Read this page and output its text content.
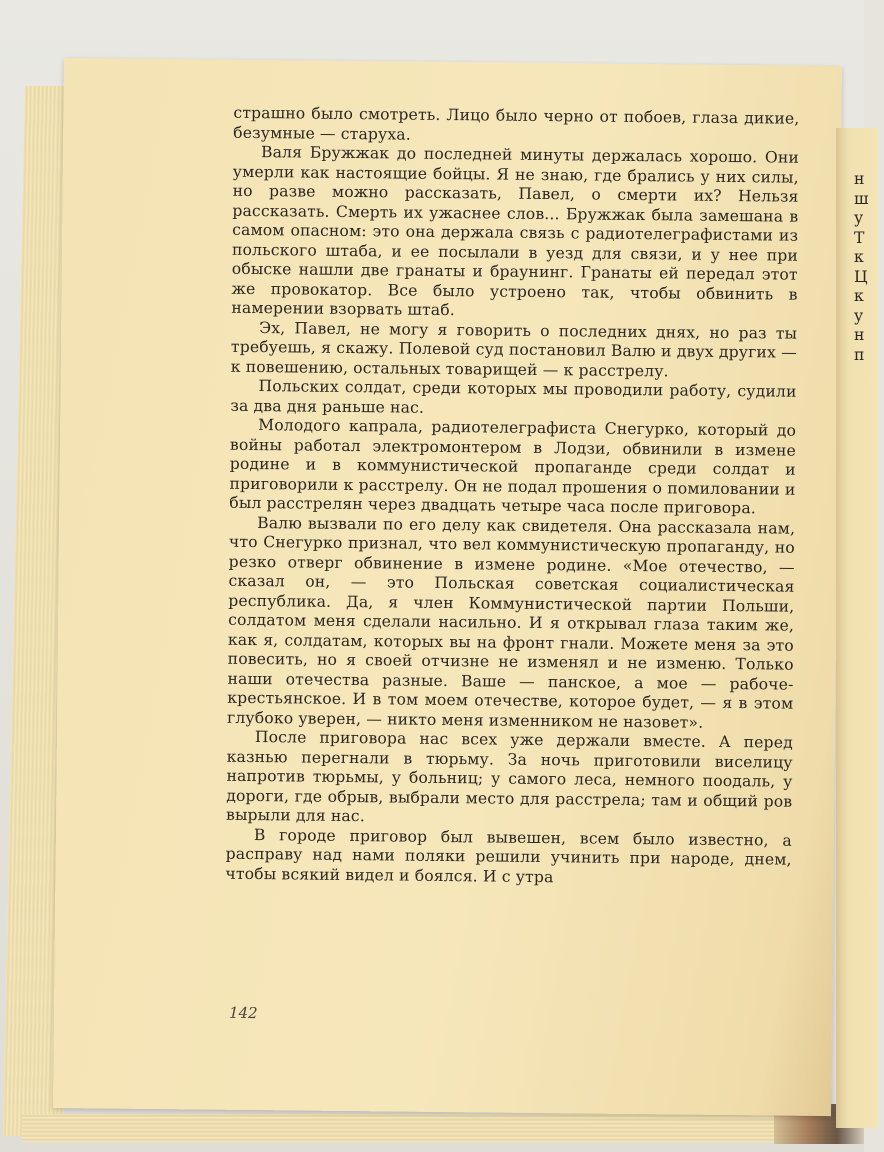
страшно было смотреть. Лицо было черно от побоев, глаза дикие, безумные — старуха.

Валя Бружжак до последней минуты держалась хорошо. Они умерли как настоящие бойцы. Я не знаю, где брались у них силы, но разве можно рассказать, Павел, о смерти их? Нельзя рассказать. Смерть их ужаснее слов... Бружжак была замешана в самом опасном: это она держала связь с радиотелеграфистами из польского штаба, и ее посылали в уезд для связи, и у нее при обыске нашли две гранаты и браунинг. Гранаты ей передал этот же провокатор. Все было устроено так, чтобы обвинить в намерении взорвать штаб.

Эх, Павел, не могу я говорить о последних днях, но раз ты требуешь, я скажу. Полевой суд постановил Валю и двух других — к повешению, остальных товарищей — к расстрелу.

Польских солдат, среди которых мы проводили работу, судили за два дня раньше нас.

Молодого капрала, радиотелеграфиста Снегурко, который до войны работал электромонтером в Лодзи, обвинили в измене родине и в коммунистической пропаганде среди солдат и приговорили к расстрелу. Он не подал прошения о помиловании и был расстрелян через двадцать четыре часа после приговора.

Валю вызвали по его делу как свидетеля. Она рассказала нам, что Снегурко признал, что вел коммунистическую пропаганду, но резко отверг обвинение в измене родине. «Мое отечество, — сказал он, — это Польская советская социалистическая республика. Да, я член Коммунистической партии Польши, солдатом меня сделали насильно. И я открывал глаза таким же, как я, солдатам, которых вы на фронт гнали. Можете меня за это повесить, но я своей отчизне не изменял и не изменю. Только наши отечества разные. Ваше — панское, а мое — рабоче-крестьянское. И в том моем отечестве, которое будет, — я в этом глубоко уверен, — никто меня изменником не назовет».

После приговора нас всех уже держали вместе. А перед казнью перегнали в тюрьму. За ночь приготовили виселицу напротив тюрьмы, у больниц; у самого леса, немного поодаль, у дороги, где обрыв, выбрали место для расстрела; там и общий ров вырыли для нас.

В городе приговор был вывешен, всем было известно, а расправу над нами поляки решили учинить при народе, днем, чтобы всякий видел и боялся. И с утра

142
н
ш
у
Т
к
Ц
к
у
н
п
